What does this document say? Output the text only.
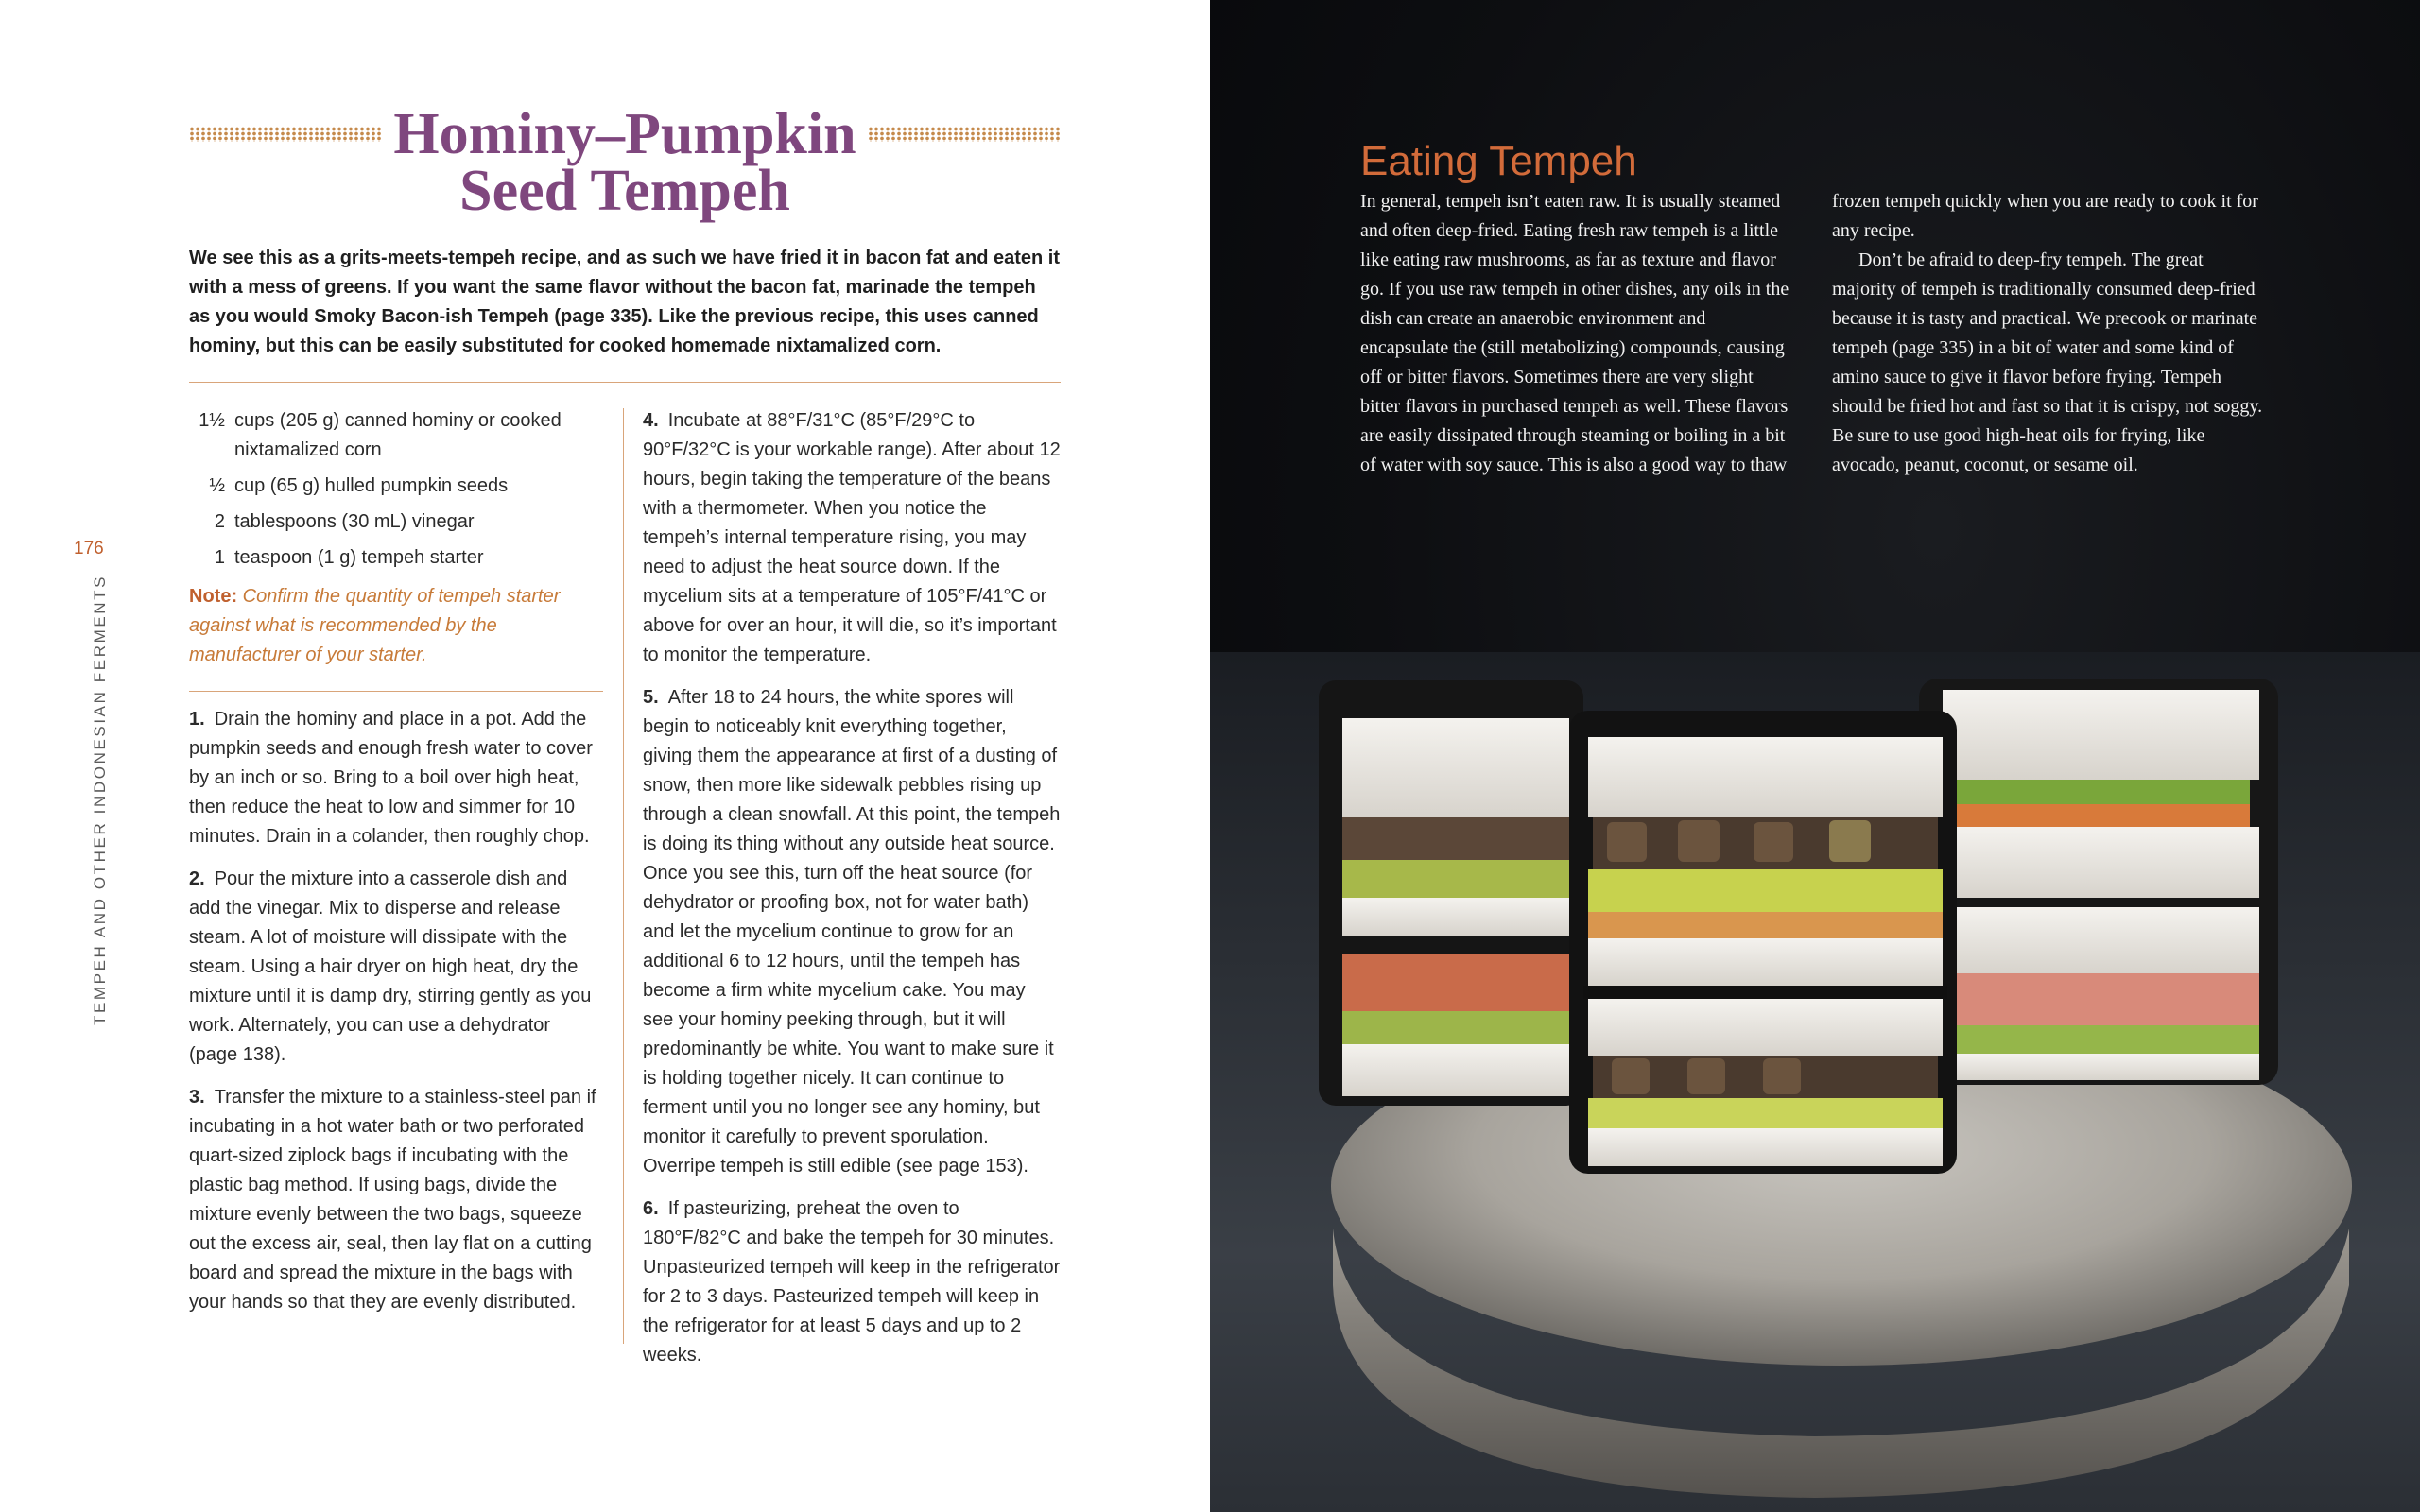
176
TEMPEH AND OTHER INDONESIAN FERMENTS
Hominy–Pumpkin
Seed Tempeh

We see this as a grits-meets-tempeh recipe, and as such we have fried it in bacon fat and eaten it with a mess of greens. If you want the same flavor without the bacon fat, marinade the tempeh as you would Smoky Bacon-ish Tempeh (page 335). Like the previous recipe, this uses canned hominy, but this can be easily substituted for cooked homemade nixtamalized corn.

1½ cups (205 g) canned hominy or cooked nixtamalized corn
½ cup (65 g) hulled pumpkin seeds
2 tablespoons (30 mL) vinegar
1 teaspoon (1 g) tempeh starter

Note: Confirm the quantity of tempeh starter against what is recommended by the manufacturer of your starter.

1. Drain the hominy and place in a pot. Add the pumpkin seeds and enough fresh water to cover by an inch or so. Bring to a boil over high heat, then reduce the heat to low and simmer for 10 minutes. Drain in a colander, then roughly chop.

2. Pour the mixture into a casserole dish and add the vinegar. Mix to disperse and release steam. A lot of moisture will dissipate with the steam. Using a hair dryer on high heat, dry the mixture until it is damp dry, stirring gently as you work. Alternately, you can use a dehydrator (page 138).

3. Transfer the mixture to a stainless-steel pan if incubating in a hot water bath or two perforated quart-sized ziplock bags if incubating with the plastic bag method. If using bags, divide the mixture evenly between the two bags, squeeze out the excess air, seal, then lay flat on a cutting board and spread the mixture in the bags with your hands so that they are evenly distributed.

4. Incubate at 88°F/31°C (85°F/29°C to 90°F/32°C is your workable range). After about 12 hours, begin taking the temperature of the beans with a thermometer. When you notice the tempeh’s internal temperature rising, you may need to adjust the heat source down. If the mycelium sits at a temperature of 105°F/41°C or above for over an hour, it will die, so it’s important to monitor the temperature.

5. After 18 to 24 hours, the white spores will begin to noticeably knit everything together, giving them the appearance at first of a dusting of snow, then more like sidewalk pebbles rising up through a clean snowfall. At this point, the tempeh is doing its thing without any outside heat source. Once you see this, turn off the heat source (for dehydrator or proofing box, not for water bath) and let the mycelium continue to grow for an additional 6 to 12 hours, until the tempeh has become a firm white mycelium cake. You may see your hominy peeking through, but it will predominantly be white. You want to make sure it is holding together nicely. It can continue to ferment until you no longer see any hominy, but monitor it carefully to prevent sporulation. Overripe tempeh is still edible (see page 153).

6. If pasteurizing, preheat the oven to 180°F/82°C and bake the tempeh for 30 minutes. Unpasteurized tempeh will keep in the refrigerator for 2 to 3 days. Pasteurized tempeh will keep in the refrigerator for at least 5 days and up to 2 weeks.

Eating Tempeh

In general, tempeh isn’t eaten raw. It is usually steamed and often deep-fried. Eating fresh raw tempeh is a little like eating raw mushrooms, as far as texture and flavor go. If you use raw tempeh in other dishes, any oils in the dish can create an anaerobic environment and encapsulate the (still metabolizing) compounds, causing off or bitter flavors. Sometimes there are very slight bitter flavors in purchased tempeh as well. These flavors are easily dissipated through steaming or boiling in a bit of water with soy sauce. This is also a good way to thaw frozen tempeh quickly when you are ready to cook it for any recipe.

Don’t be afraid to deep-fry tempeh. The great majority of tempeh is traditionally consumed deep-fried because it is tasty and practical. We precook or marinate tempeh (page 335) in a bit of water and some kind of amino sauce to give it flavor before frying. Tempeh should be fried hot and fast so that it is crispy, not soggy. Be sure to use good high-heat oils for frying, like avocado, peanut, coconut, or sesame oil.
